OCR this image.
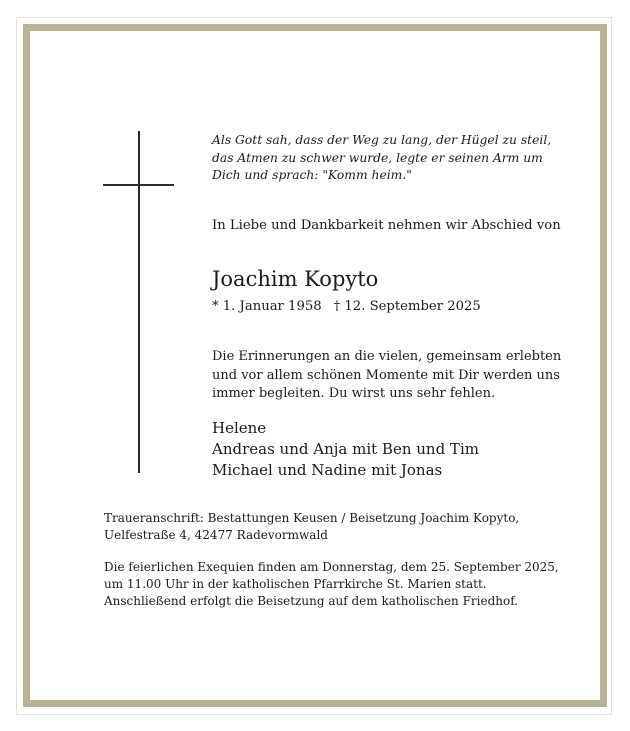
Als Gott sah, dass der Weg zu lang, der Hügel zu steil,
das Atmen zu schwer wurde, legte er seinen Arm um
Dich und sprach: "Komm heim."

In Liebe und Dankbarkeit nehmen wir Abschied von

Joachim Kopyto

* 1. Januar 1958 † 12. September 2025

Die Erinnerungen an die vielen, gemeinsam erlebten
und vor allem schönen Momente mit Dir werden uns
immer begleiten. Du wirst uns sehr fehlen.

Helene
Andreas und Anja mit Ben und Tim
Michael und Nadine mit Jonas

Traueranschrift: Bestattungen Keusen / Beisetzung Joachim Kopyto,
Uelfestraße 4, 42477 Radevormwald

Die feierlichen Exequien finden am Donnerstag, dem 25. September 2025,
um 11.00 Uhr in der katholischen Pfarrkirche St. Marien statt.
Anschließend erfolgt die Beisetzung auf dem katholischen Friedhof.
